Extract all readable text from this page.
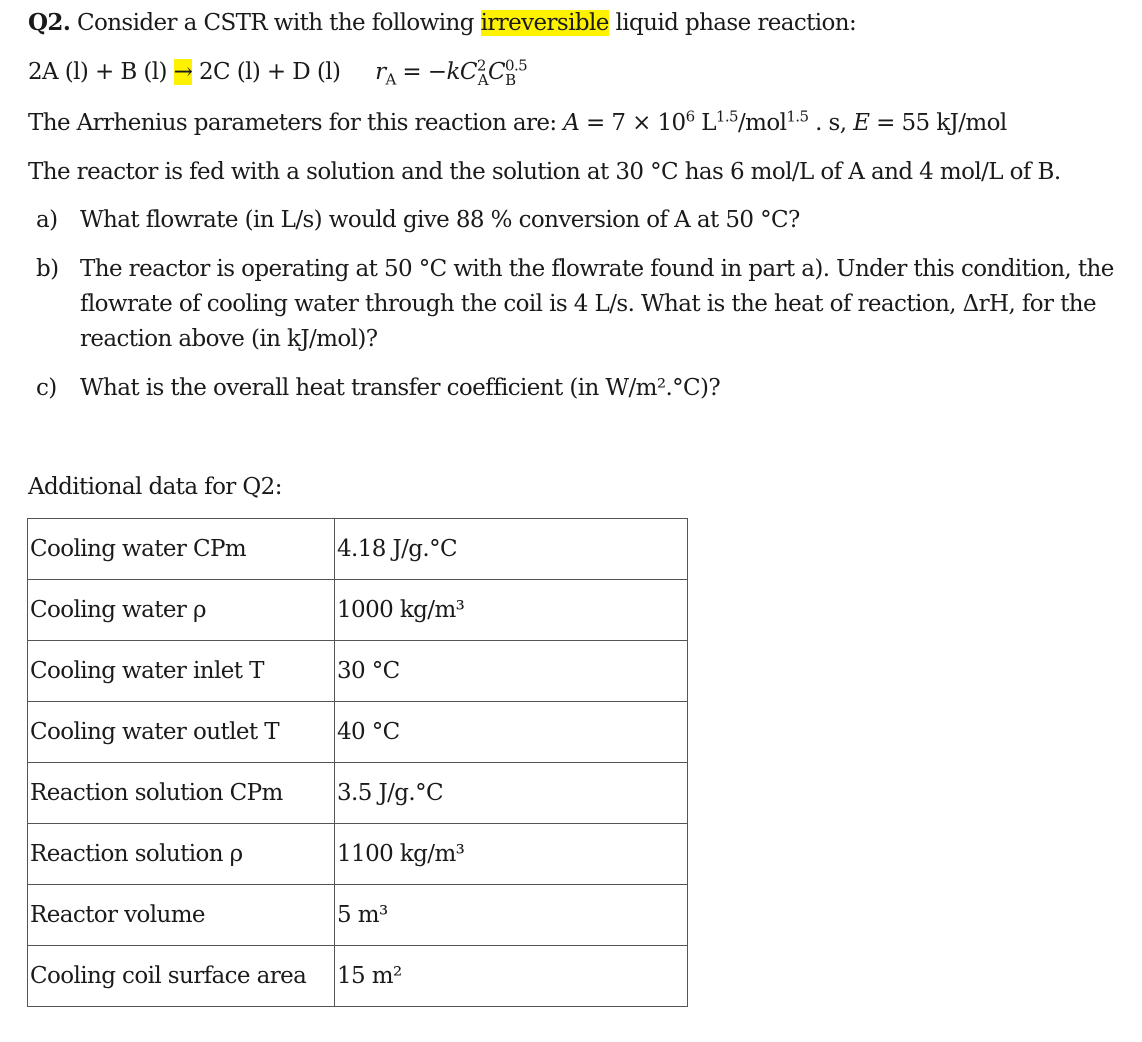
Q2. Consider a CSTR with the following irreversible liquid phase reaction:
2A (l) + B (l) → 2C (l) + D (l) $r_A = -kC^2_AC^{0.5}_B$
The Arrhenius parameters for this reaction are: $A = 7 \times 10^6$ $L^{1.5}/mol^{1.5}$ . s, E = 55 kJ/mol
The reactor is fed with a solution and the solution at 30 °C has 6 mol/L of A and 4 mol/L of B.
a) What flowrate (in L/s) would give 88 % conversion of A at 50 °C?
b) The reactor is operating at 50 °C with the flowrate found in part a). Under this condition, the flowrate of cooling water through the coil is 4 L/s. What is the heat of reaction, ΔrH, for the reaction above (in kJ/mol)?
c) What is the overall heat transfer coefficient (in W/m².°C)?
Additional data for Q2:
Cooling water CPm	4.18 J/g.°C
Cooling water ρ	1000 kg/m³
Cooling water inlet T	30 °C
Cooling water outlet T	40 °C
Reaction solution CPm	3.5 J/g.°C
Reaction solution ρ	1100 kg/m³
Reactor volume	5 m³
Cooling coil surface area	15 m²
